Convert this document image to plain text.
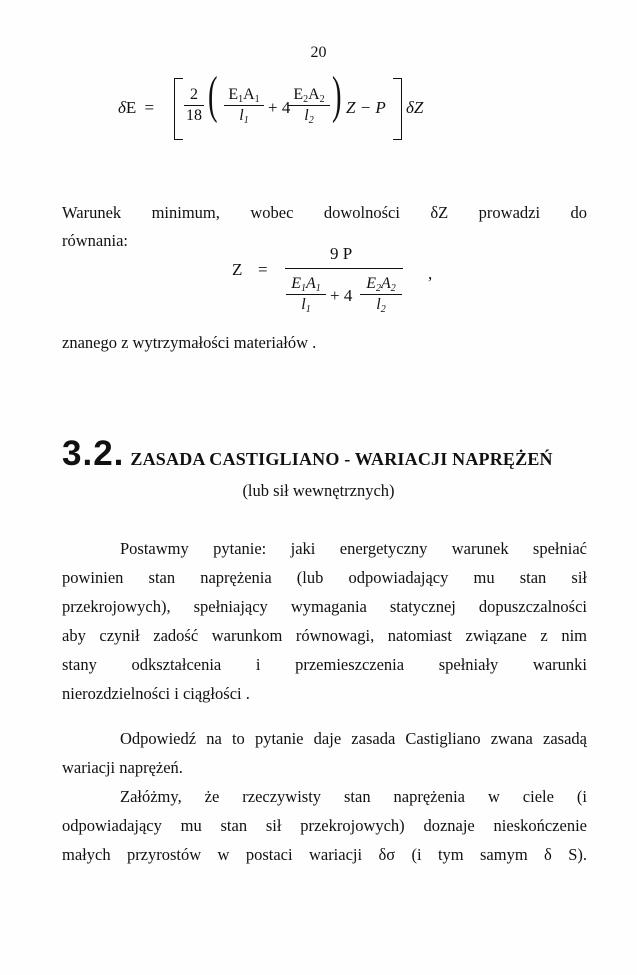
20
δE =
2
18 ( $E_1A_1$
$l_1$
+ 4
$E_2A_2$
$l_2$ ) Z − P δZ
Warunek minimum, wobec dowolności δZ prowadzi do
równania:
Z =
9 P
$E_1A_1$
$l_1$
+ 4
$E_2A_2$
$l_2$
,
znanego z wytrzymałości materiałów .
3.2. ZASADA CASTIGLIANO - WARIACJI NAPRĘŻEŃ
(lub sił wewnętrznych)
Postawmy pytanie: jaki energetyczny warunek spełniać
powinien stan naprężenia (lub odpowiadający mu stan sił
przekrojowych), spełniający wymagania statycznej dopuszczalności
aby czynił zadość warunkom równowagi, natomiast związane z nim
stany odkształcenia i przemieszczenia spełniały warunki
nierozdzielności i ciągłości .
Odpowiedź na to pytanie daje zasada Castigliano zwana zasadą
wariacji naprężeń.
Załóżmy, że rzeczywisty stan naprężenia w ciele (i
odpowiadający mu stan sił przekrojowych) doznaje nieskończenie
małych przyrostów w postaci wariacji δσ (i tym samym δ S).
